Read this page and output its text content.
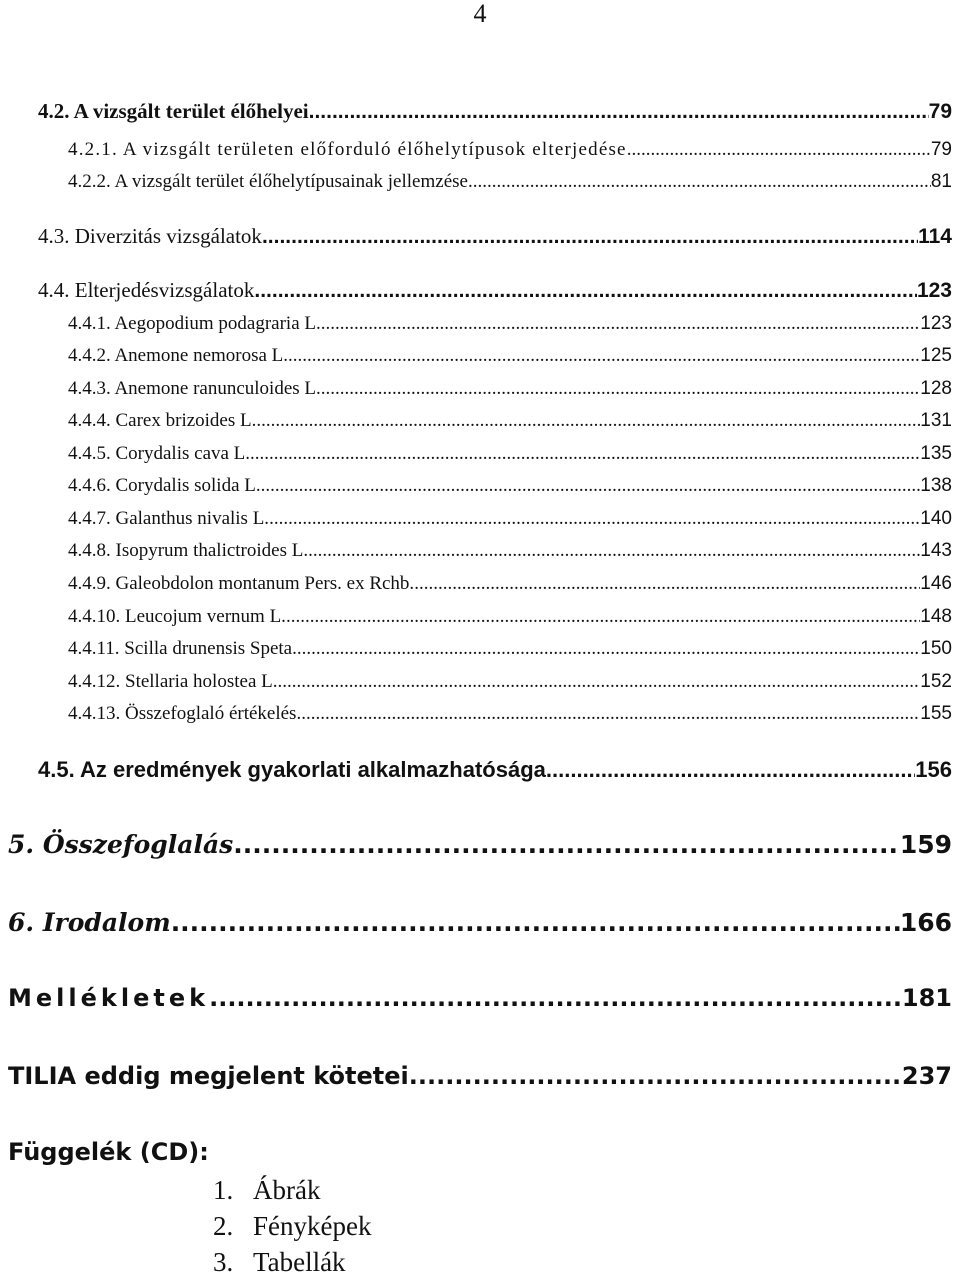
4
4.2. A vizsgált terület élőhelyei .....	79
4.2.1. A vizsgált területen előforduló élőhelytípusok elterjedése .....	79
4.2.2. A vizsgált terület élőhelytípusainak jellemzése .....	81
4.3. Diverzitás vizsgálatok .....	114
4.4. Elterjedésvizsgálatok .....	123
4.4.1. Aegopodium podagraria L. .....	123
4.4.2. Anemone nemorosa L. .....	125
4.4.3. Anemone ranunculoides L. .....	128
4.4.4. Carex brizoides L. .....	131
4.4.5. Corydalis cava L. .....	135
4.4.6. Corydalis solida L. .....	138
4.4.7. Galanthus nivalis L. .....	140
4.4.8. Isopyrum thalictroides L. .....	143
4.4.9. Galeobdolon montanum Pers. ex Rchb. .....	146
4.4.10. Leucojum vernum L. .....	148
4.4.11. Scilla drunensis Speta .....	150
4.4.12. Stellaria holostea L. .....	152
4.4.13. Összefoglaló értékelés .....	155
4.5. Az eredmények gyakorlati alkalmazhatósága .....	156
5. Összefoglalás .....	159
6. Irodalom .....	166
Mellékletek .....	181
TILIA eddig megjelent kötetei .....	237
Függelék (CD):
1. Ábrák
2. Fényképek
3. Tabellák
